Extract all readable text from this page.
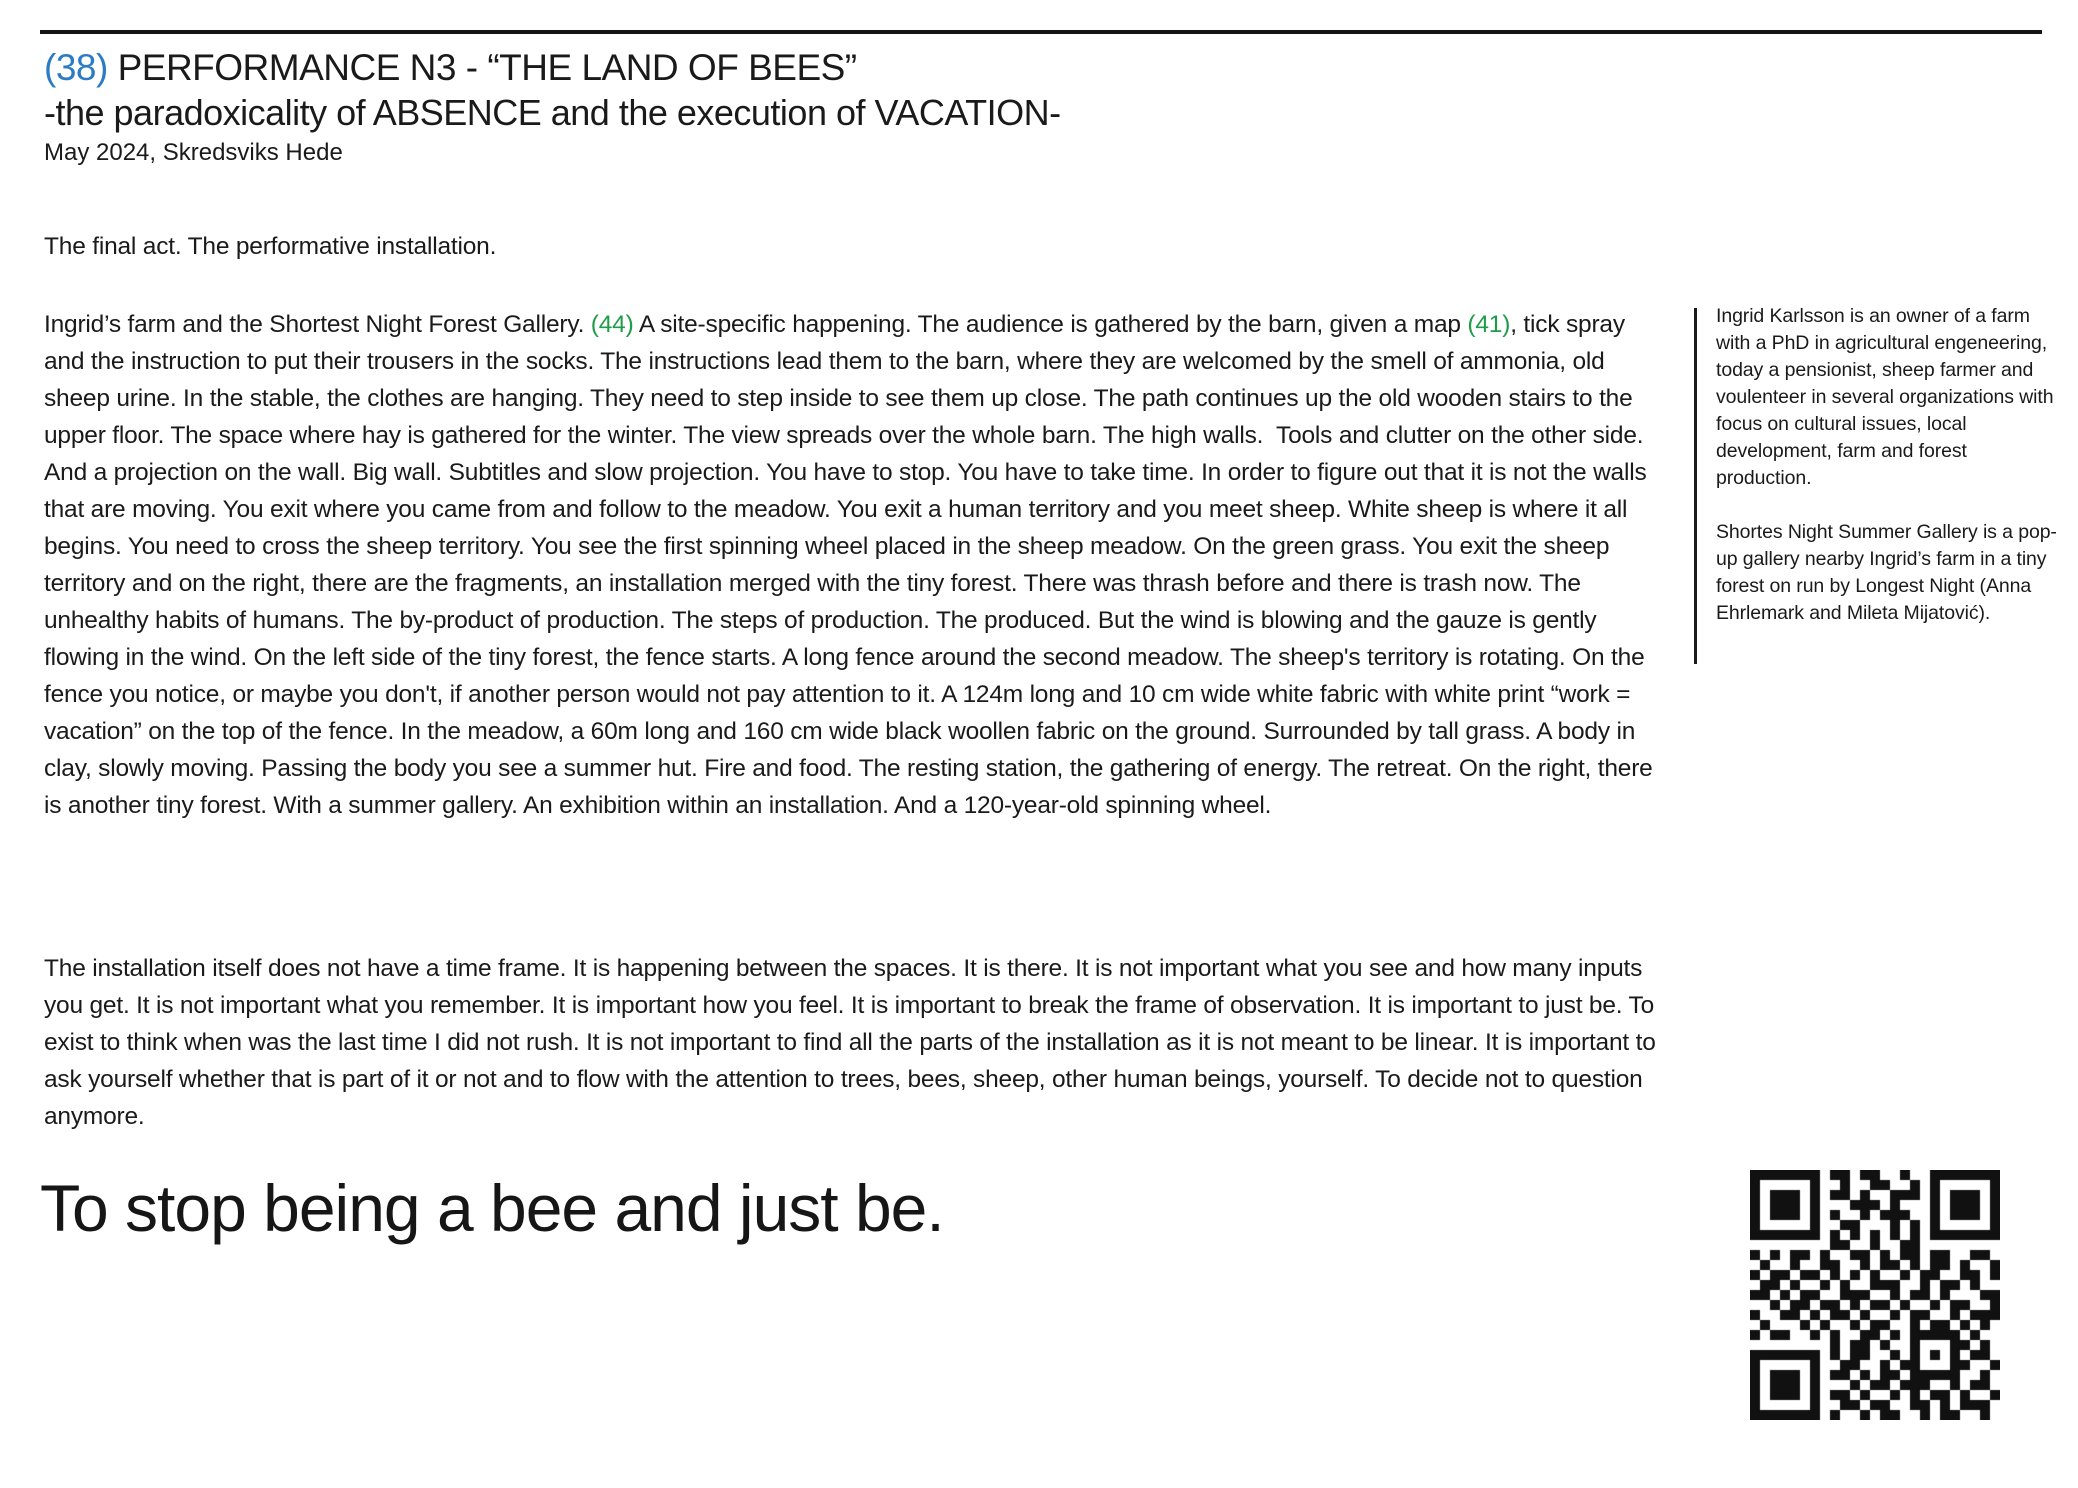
(38) PERFORMANCE N3 - “THE LAND OF BEES”
-the paradoxicality of ABSENCE and the execution of VACATION-
May 2024, Skredsviks Hede
The final act. The performative installation.
Ingrid’s farm and the Shortest Night Forest Gallery. (44) A site-specific happening. The audience is gathered by the barn, given a map (41), tick spray and the instruction to put their trousers in the socks. The instructions lead them to the barn, where they are welcomed by the smell of ammonia, old sheep urine. In the stable, the clothes are hanging. They need to step inside to see them up close. The path continues up the old wooden stairs to the upper floor. The space where hay is gathered for the winter. The view spreads over the whole barn. The high walls.  Tools and clutter on the other side. And a projection on the wall. Big wall. Subtitles and slow projection. You have to stop. You have to take time. In order to figure out that it is not the walls that are moving. You exit where you came from and follow to the meadow. You exit a human territory and you meet sheep. White sheep is where it all begins. You need to cross the sheep territory. You see the first spinning wheel placed in the sheep meadow. On the green grass. You exit the sheep territory and on the right, there are the fragments, an installation merged with the tiny forest. There was thrash before and there is trash now. The unhealthy habits of humans. The by-product of production. The steps of production. The produced. But the wind is blowing and the gauze is gently flowing in the wind. On the left side of the tiny forest, the fence starts. A long fence around the second meadow. The sheep's territory is rotating. On the fence you notice, or maybe you don't, if another person would not pay attention to it. A 124m long and 10 cm wide white fabric with white print “work = vacation” on the top of the fence. In the meadow, a 60m long and 160 cm wide black woollen fabric on the ground. Surrounded by tall grass. A body in clay, slowly moving. Passing the body you see a summer hut. Fire and food. The resting station, the gathering of energy. The retreat. On the right, there is another tiny forest. With a summer gallery. An exhibition within an installation. And a 120-year-old spinning wheel.
The installation itself does not have a time frame. It is happening between the spaces. It is there. It is not important what you see and how many inputs you get. It is not important what you remember. It is important how you feel. It is important to break the frame of observation. It is important to just be. To exist to think when was the last time I did not rush. It is not important to find all the parts of the installation as it is not meant to be linear. It is important to ask yourself whether that is part of it or not and to flow with the attention to trees, bees, sheep, other human beings, yourself. To decide not to question anymore.
To stop being a bee and just be.

Ingrid Karlsson is an owner of a farm with a PhD in agricultural engeneering, today a pensionist, sheep farmer and voulenteer in several organizations with focus on cultural issues, local development, farm and forest production.

Shortes Night Summer Gallery is a pop-up gallery nearby Ingrid’s farm in a tiny forest on run by Longest Night (Anna Ehrlemark and Mileta Mijatović).
